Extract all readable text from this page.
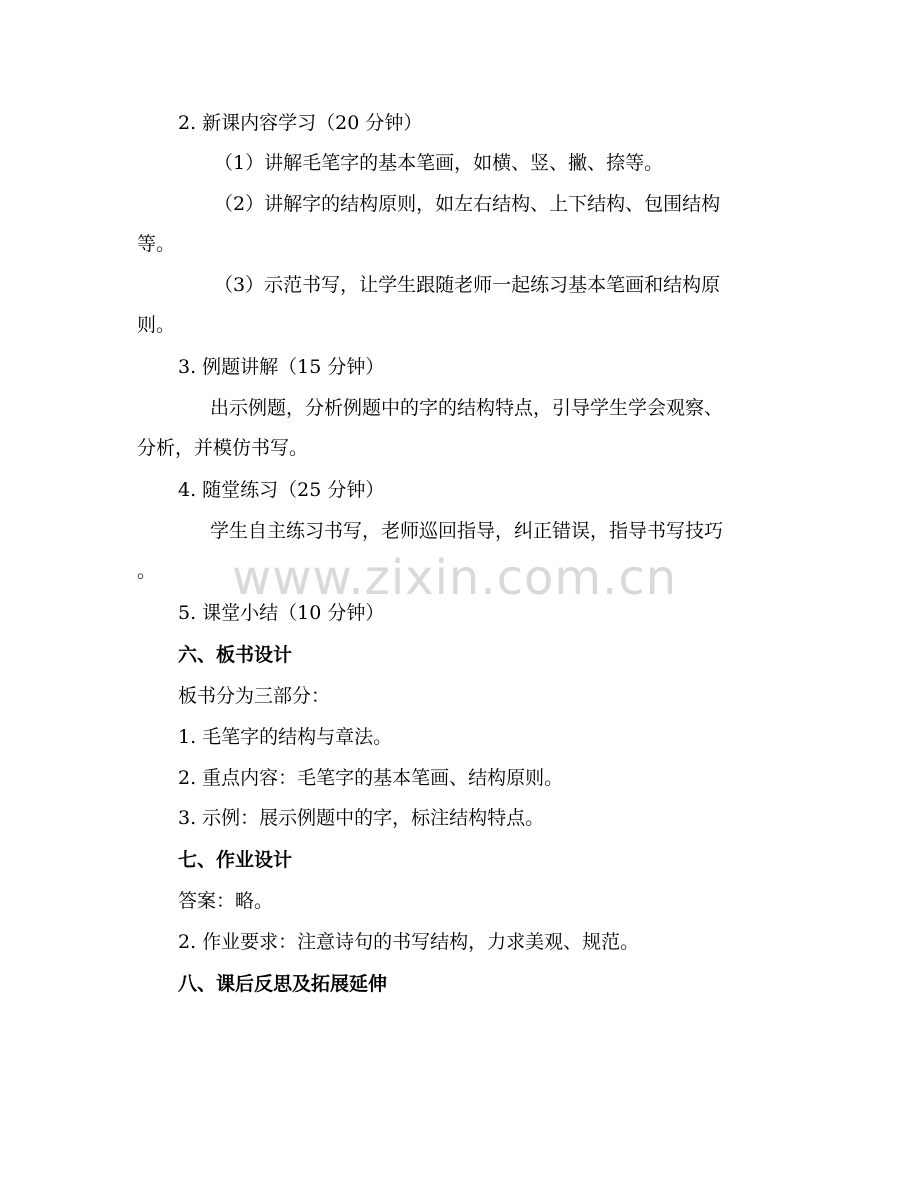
2. 新课内容学习（20 分钟）
（1）讲解毛笔字的基本笔画，如横、竖、撇、捺等。
（2）讲解字的结构原则，如左右结构、上下结构、包围结构
等。
（3）示范书写，让学生跟随老师一起练习基本笔画和结构原
则。
3. 例题讲解（15 分钟）
出示例题，分析例题中的字的结构特点，引导学生学会观察、
分析，并模仿书写。
4. 随堂练习（25 分钟）
学生自主练习书写，老师巡回指导，纠正错误，指导书写技巧
。
5. 课堂小结（10 分钟）
六、板书设计
板书分为三部分：
1. 毛笔字的结构与章法。
2. 重点内容：毛笔字的基本笔画、结构原则。
3. 示例：展示例题中的字，标注结构特点。
七、作业设计
答案：略。
2. 作业要求：注意诗句的书写结构，力求美观、规范。
八、课后反思及拓展延伸
www.zixin.com.cn
